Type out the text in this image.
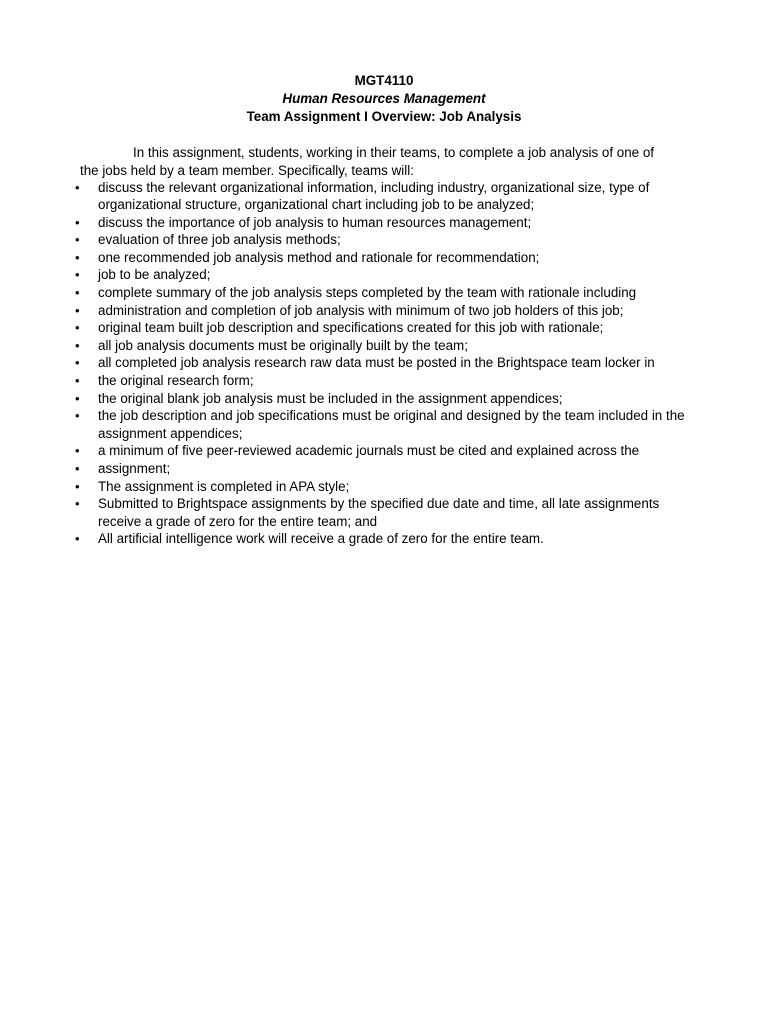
MGT4110
Human Resources Management
Team Assignment I Overview: Job Analysis

In this assignment, students, working in their teams, to complete a job analysis of one of
the jobs held by a team member. Specifically, teams will:

• discuss the relevant organizational information, including industry, organizational size, type of
organizational structure, organizational chart including job to be analyzed;
• discuss the importance of job analysis to human resources management;
• evaluation of three job analysis methods;
• one recommended job analysis method and rationale for recommendation;
• job to be analyzed;
• complete summary of the job analysis steps completed by the team with rationale including
• administration and completion of job analysis with minimum of two job holders of this job;
• original team built job description and specifications created for this job with rationale;
• all job analysis documents must be originally built by the team;
• all completed job analysis research raw data must be posted in the Brightspace team locker in
• the original research form;
• the original blank job analysis must be included in the assignment appendices;
• the job description and job specifications must be original and designed by the team included in the
assignment appendices;
• a minimum of five peer-reviewed academic journals must be cited and explained across the
• assignment;
• The assignment is completed in APA style;
• Submitted to Brightspace assignments by the specified due date and time, all late assignments
receive a grade of zero for the entire team; and
• All artificial intelligence work will receive a grade of zero for the entire team.
